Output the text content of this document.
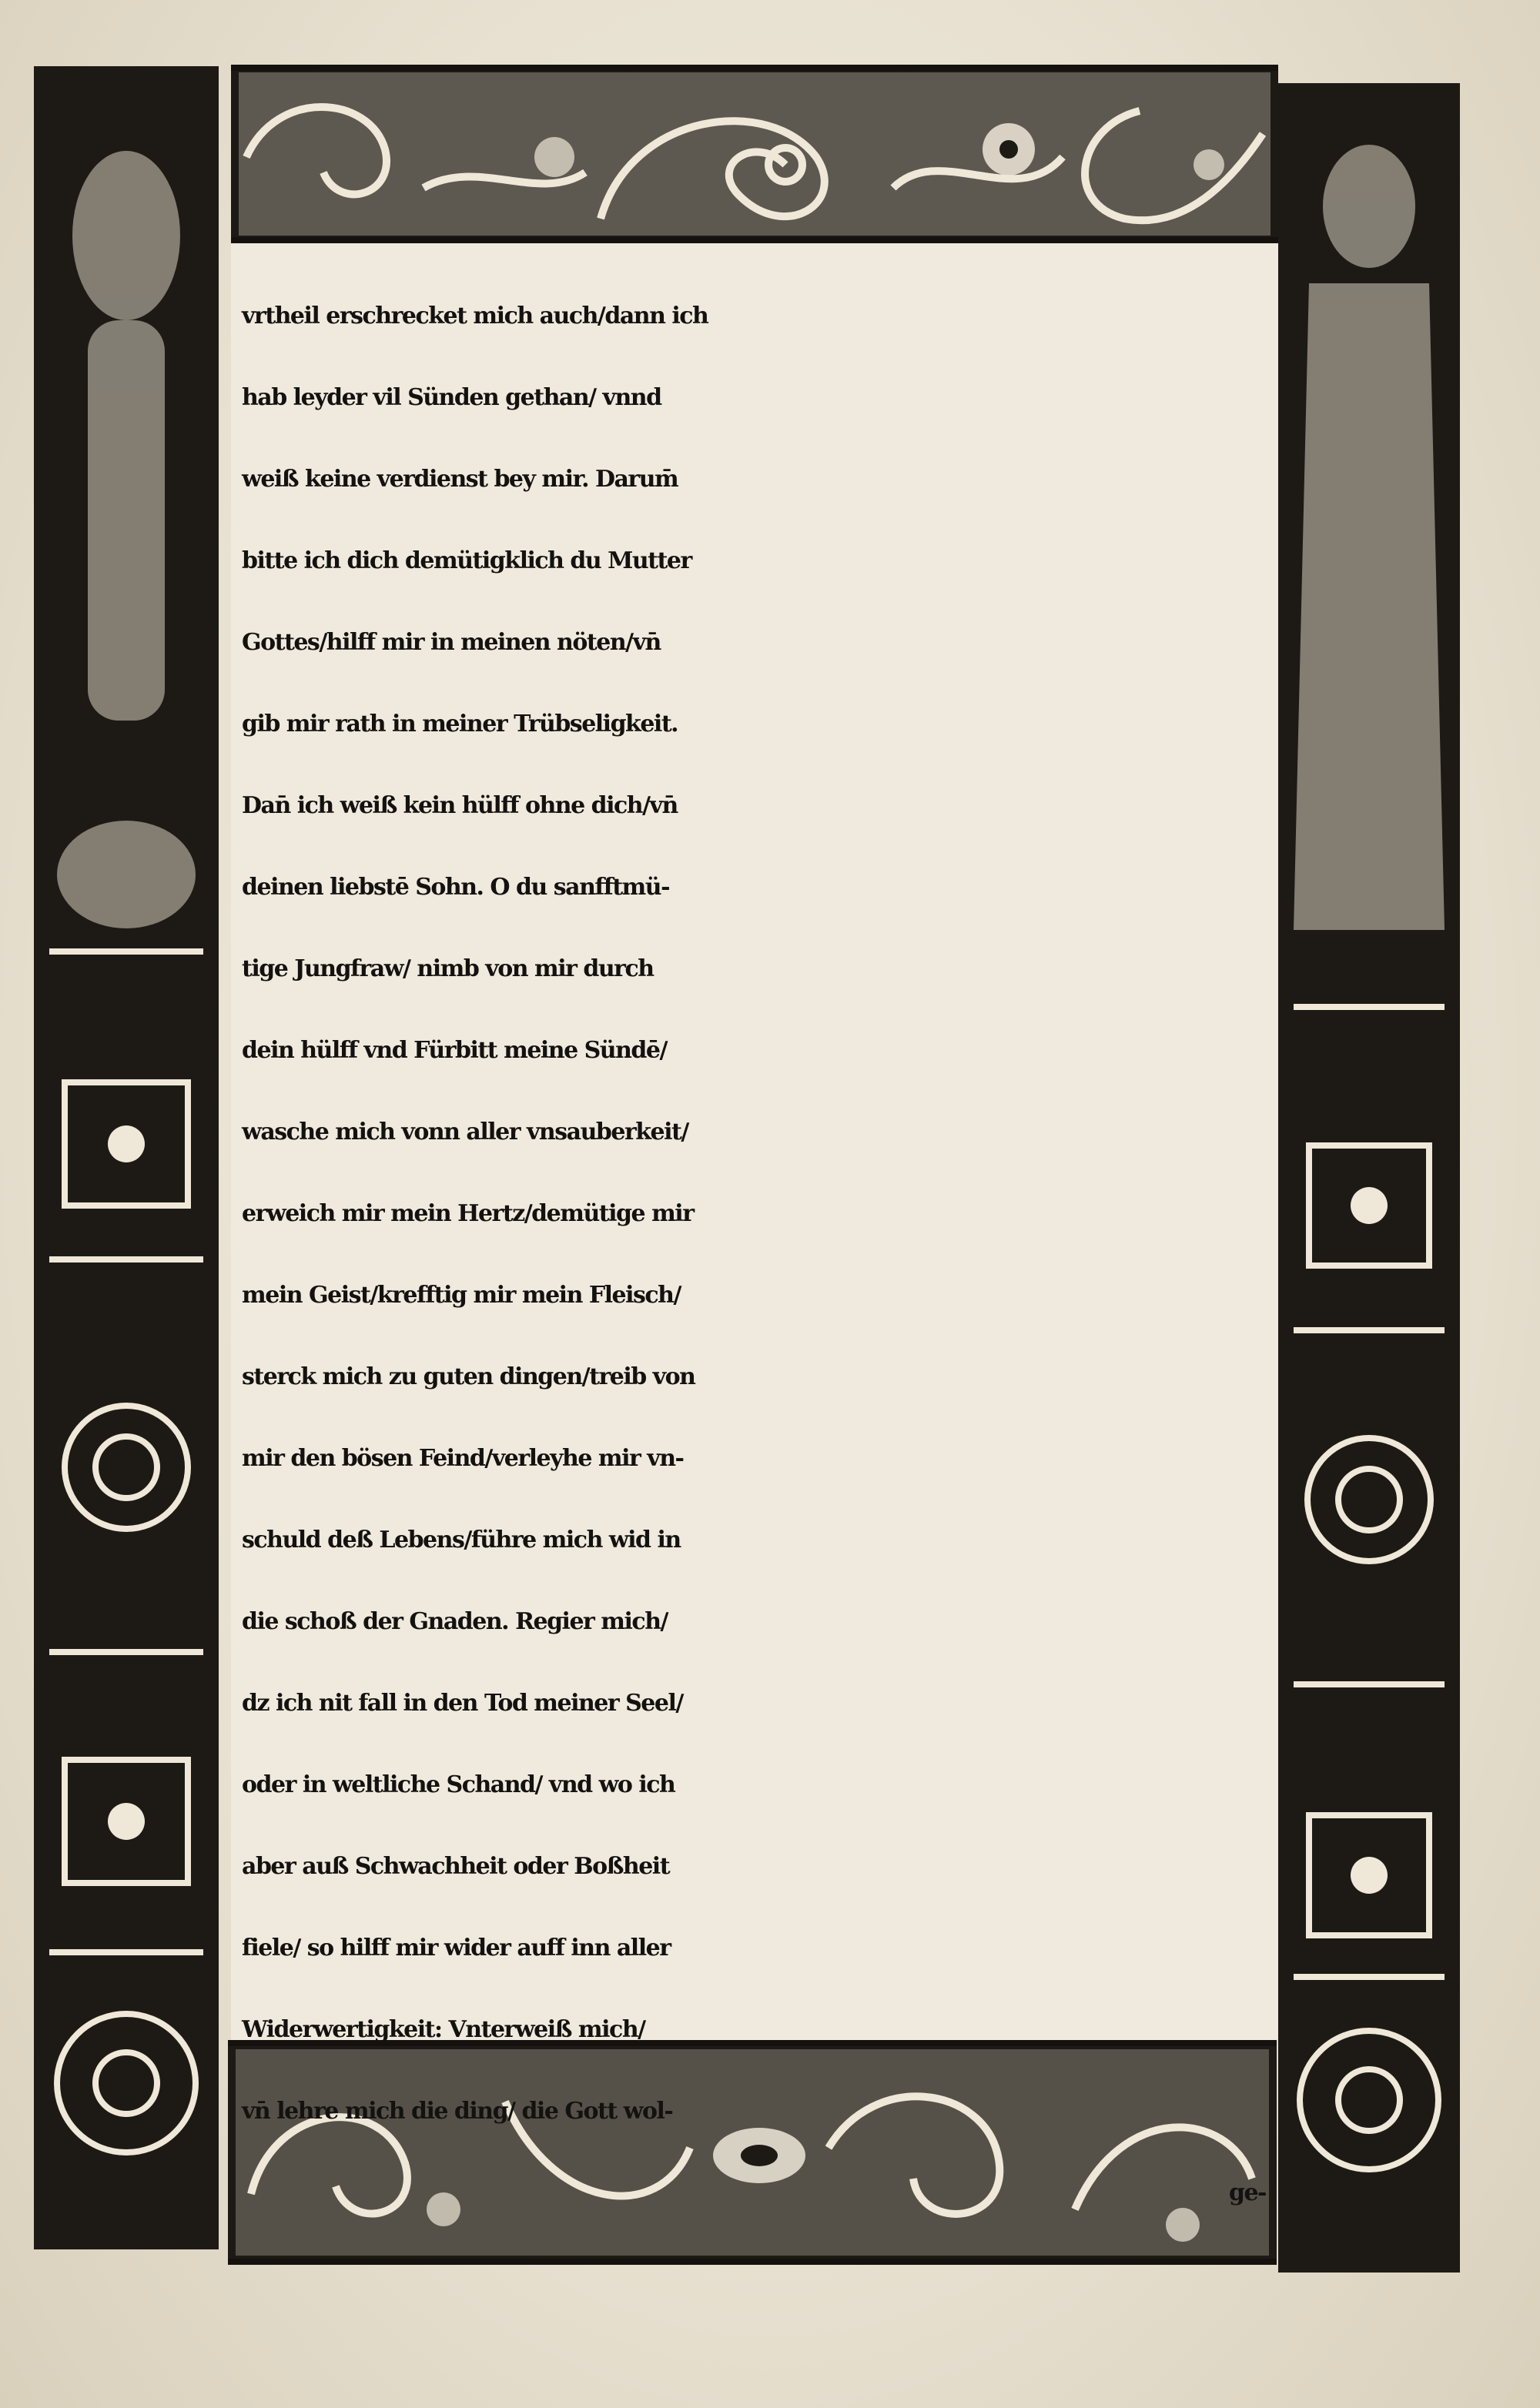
vrtheil erschrecket mich auch/dann ich
hab leyder vil Sünden gethan/ vnnd
weiß keine verdienst bey mir. Darum̄
bitte ich dich demütigklich du Mutter
Gottes/hilff mir in meinen nöten/vn̄
gib mir rath in meiner Trübseligkeit.
Dan̄ ich weiß kein hülff ohne dich/vn̄
deinen liebstē Sohn. O du sanfftmü-
tige Jungfraw/ nimb von mir durch
dein hülff vnd Fürbitt meine Sündē/
wasche mich vonn aller vnsauberkeit/
erweich mir mein Hertz/demütige mir
mein Geist/krefftig mir mein Fleisch/
sterck mich zu guten dingen/treib von
mir den bösen Feind/verleyhe mir vn-
schuld deß Lebens/führe mich wid in
die schoß der Gnaden. Regier mich/
dz ich nit fall in den Tod meiner Seel/
oder in weltliche Schand/ vnd wo ich
aber auß Schwachheit oder Boßheit
fiele/ so hilff mir wider auff inn aller
Widerwertigkeit: Vnterweiß mich/
vn̄ lehre mich die ding/ die Gott wol-
ge-
